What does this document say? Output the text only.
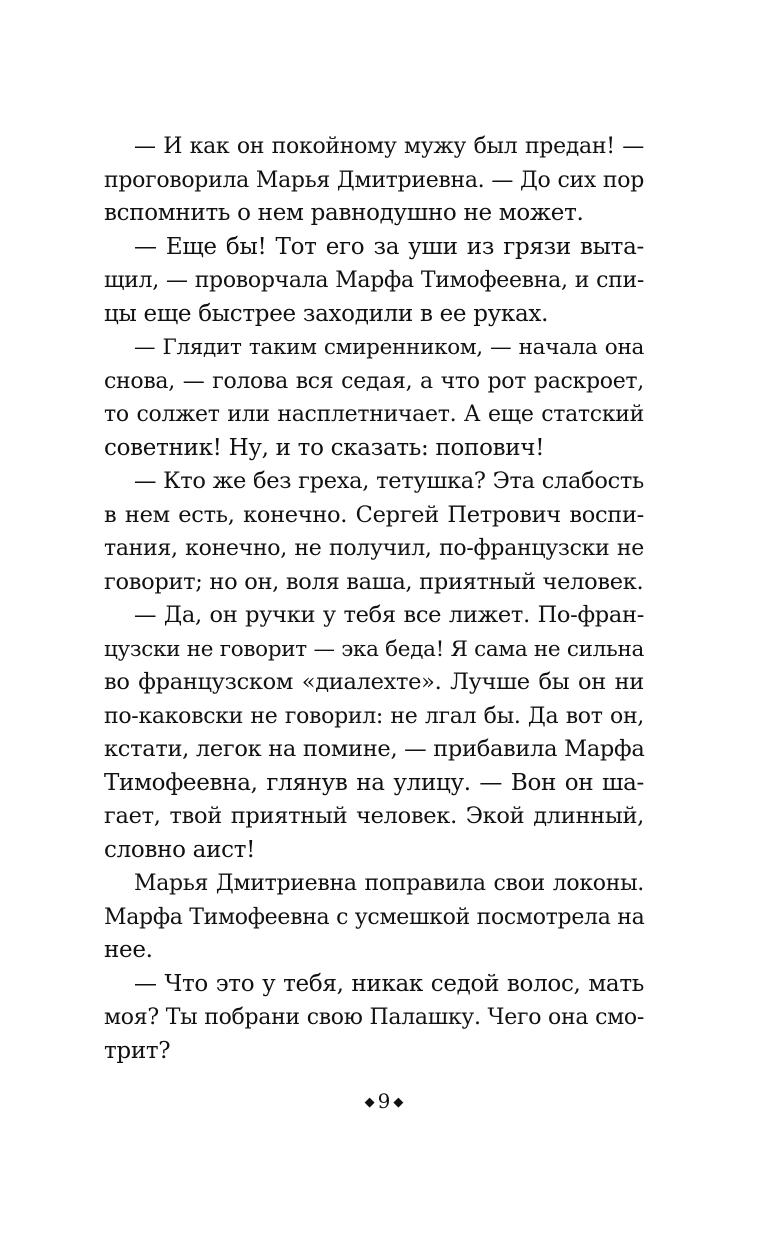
— И как он покойному мужу был предан! —
проговорила Марья Дмитриевна. — До сих пор
вспомнить о нем равнодушно не может.
— Еще бы! Тот его за уши из грязи выта-
щил, — проворчала Марфа Тимофеевна, и спи-
цы еще быстрее заходили в ее руках.
— Глядит таким смиренником, — начала она
снова, — голова вся седая, а что рот раскроет,
то солжет или насплетничает. А еще статский
советник! Ну, и то сказать: попович!
— Кто же без греха, тетушка? Эта слабость
в нем есть, конечно. Сергей Петрович воспи-
тания, конечно, не получил, по-французски не
говорит; но он, воля ваша, приятный человек.
— Да, он ручки у тебя все лижет. По-фран-
цузски не говорит — эка беда! Я сама не сильна
во французском «диалехте». Лучше бы он ни
по-каковски не говорил: не лгал бы. Да вот он,
кстати, легок на помине, — прибавила Марфа
Тимофеевна, глянув на улицу. — Вон он ша-
гает, твой приятный человек. Экой длинный,
словно аист!
Марья Дмитриевна поправила свои локоны.
Марфа Тимофеевна с усмешкой посмотрела на
нее.
— Что это у тебя, никак седой волос, мать
моя? Ты побрани свою Палашку. Чего она смо-
трит?
◆ 9 ◆
